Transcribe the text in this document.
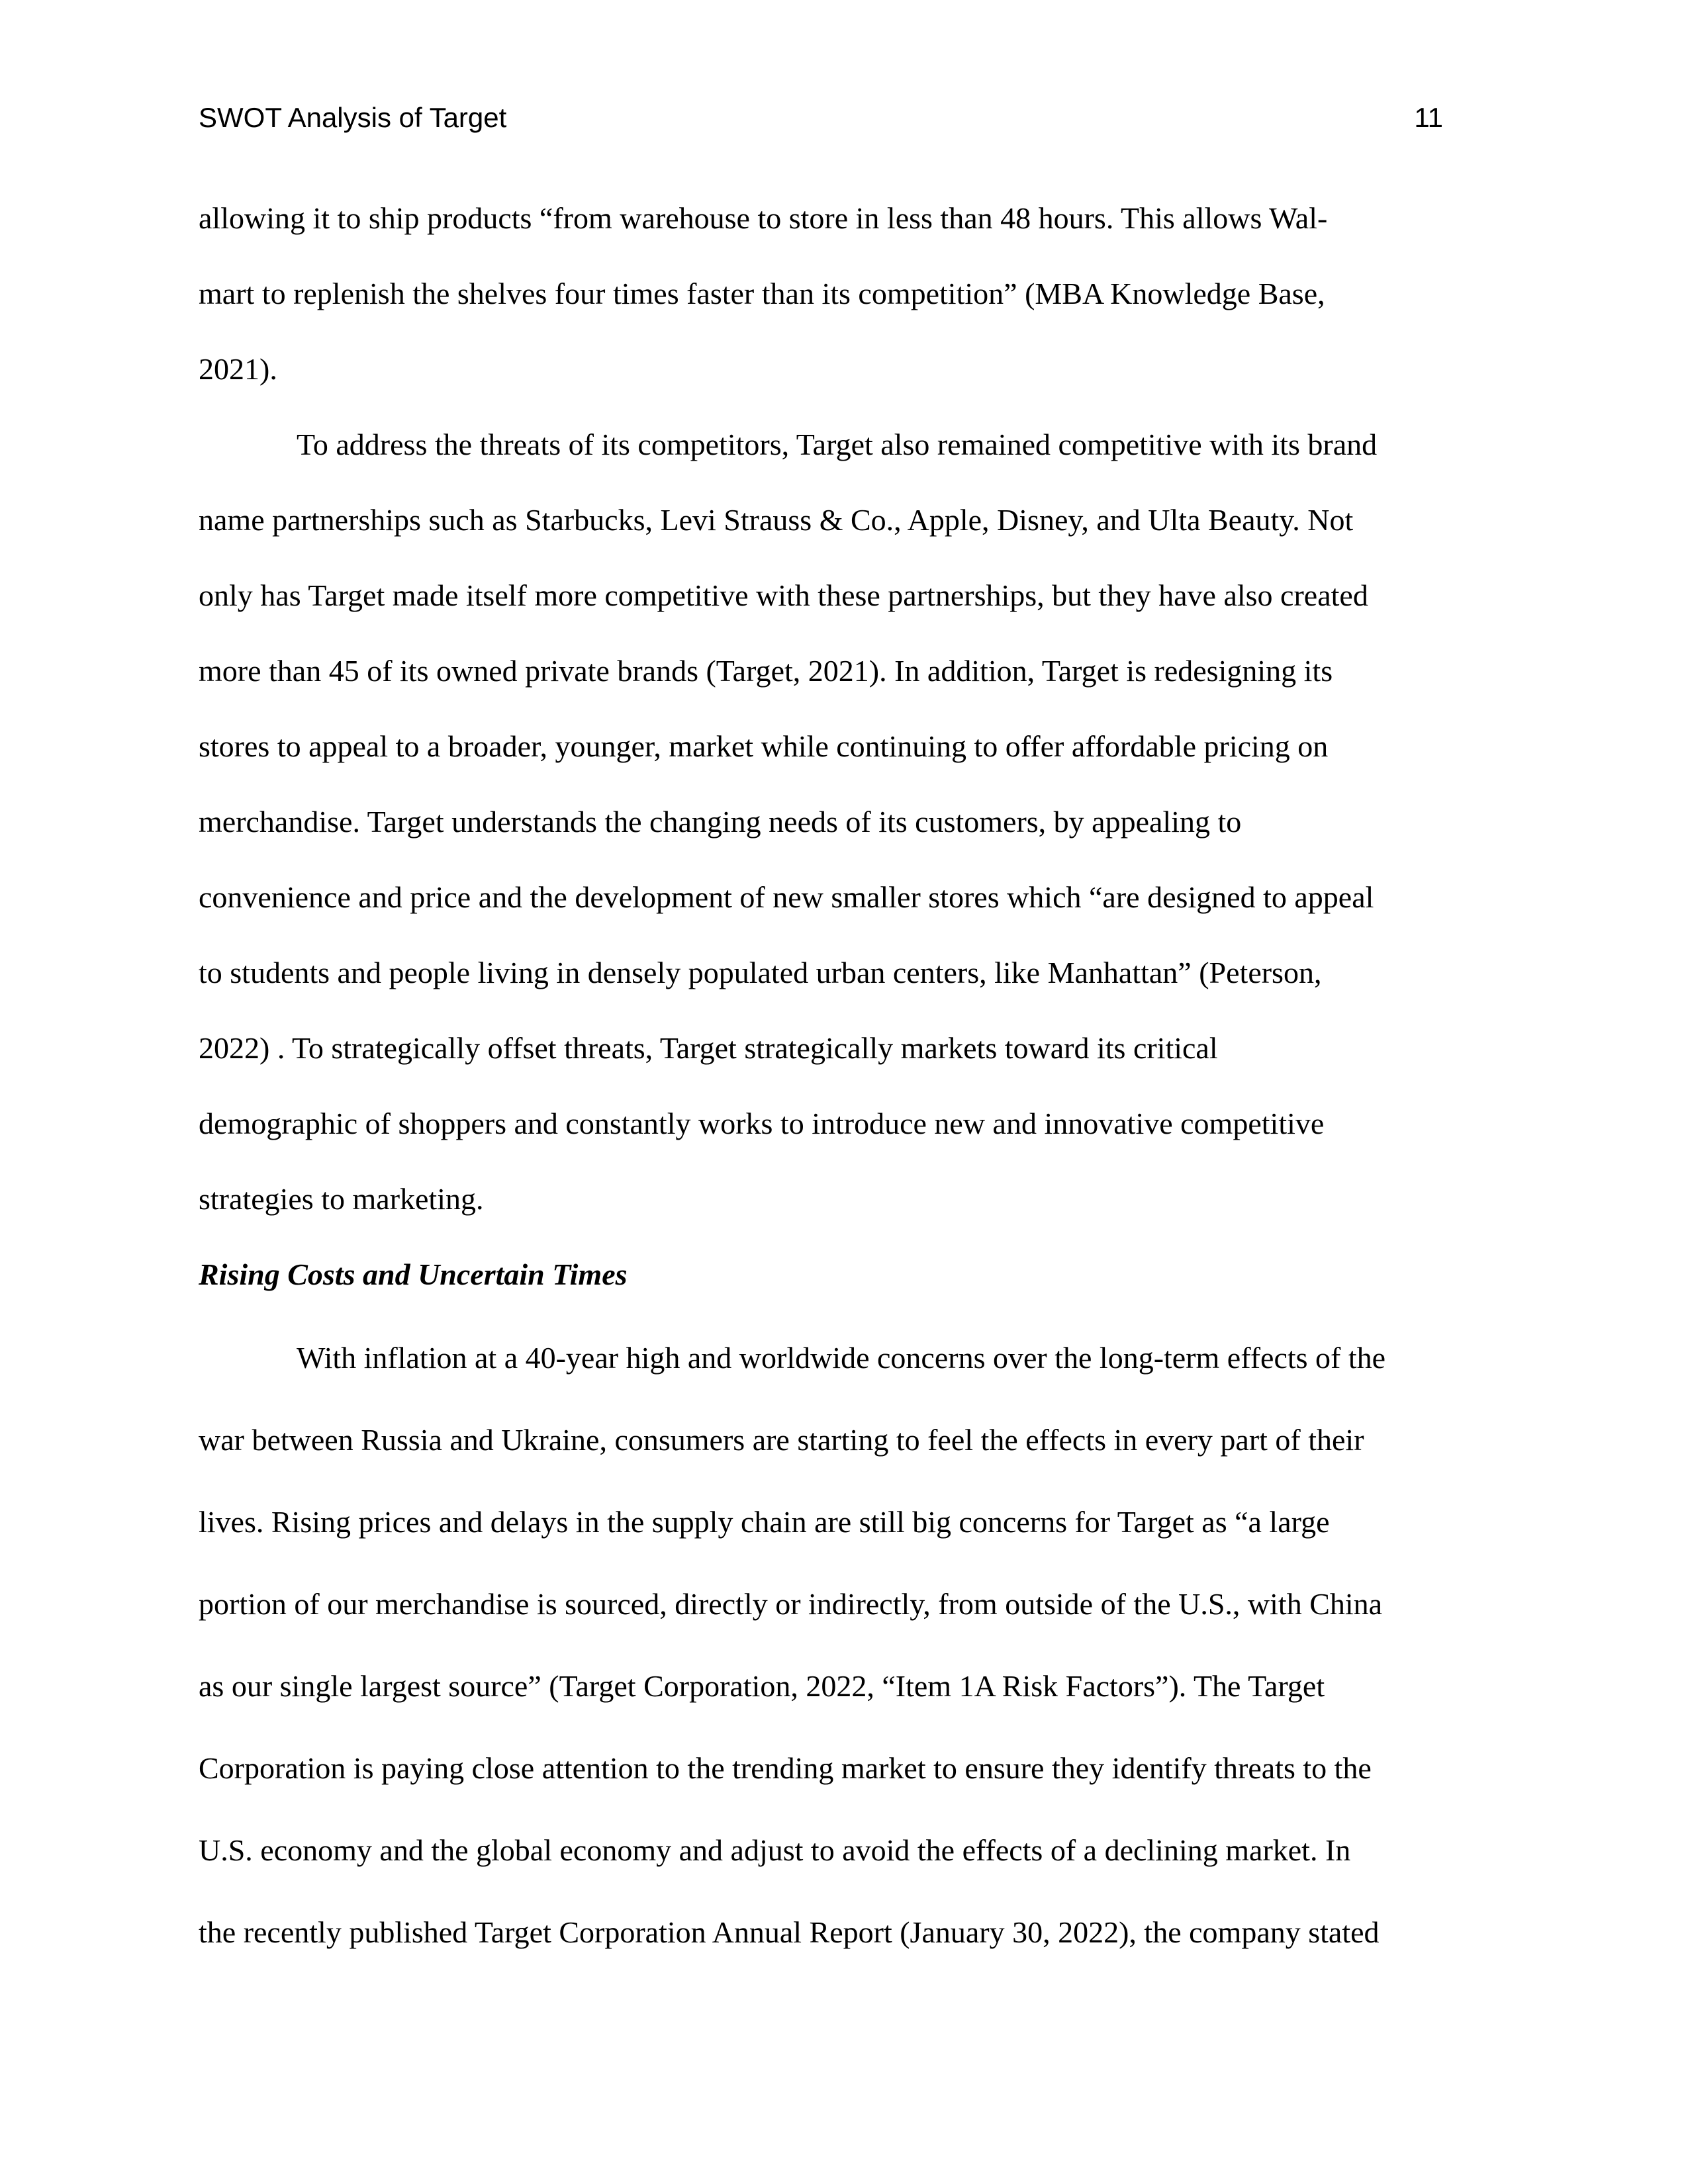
SWOT Analysis of Target	11
allowing it to ship products “from warehouse to store in less than 48 hours. This allows Wal-
mart to replenish the shelves four times faster than its competition” (MBA Knowledge Base,
2021).
To address the threats of its competitors, Target also remained competitive with its brand
name partnerships such as Starbucks, Levi Strauss & Co., Apple, Disney, and Ulta Beauty. Not
only has Target made itself more competitive with these partnerships, but they have also created
more than 45 of its owned private brands (Target, 2021). In addition, Target is redesigning its
stores to appeal to a broader, younger, market while continuing to offer affordable pricing on
merchandise. Target understands the changing needs of its customers, by appealing to
convenience and price and the development of new smaller stores which “are designed to appeal
to students and people living in densely populated urban centers, like Manhattan” (Peterson,
2022) . To strategically offset threats, Target strategically markets toward its critical
demographic of shoppers and constantly works to introduce new and innovative competitive
strategies to marketing.
Rising Costs and Uncertain Times
With inflation at a 40-year high and worldwide concerns over the long-term effects of the
war between Russia and Ukraine, consumers are starting to feel the effects in every part of their
lives. Rising prices and delays in the supply chain are still big concerns for Target as “a large
portion of our merchandise is sourced, directly or indirectly, from outside of the U.S., with China
as our single largest source” (Target Corporation, 2022, “Item 1A Risk Factors”). The Target
Corporation is paying close attention to the trending market to ensure they identify threats to the
U.S. economy and the global economy and adjust to avoid the effects of a declining market. In
the recently published Target Corporation Annual Report (January 30, 2022), the company stated
